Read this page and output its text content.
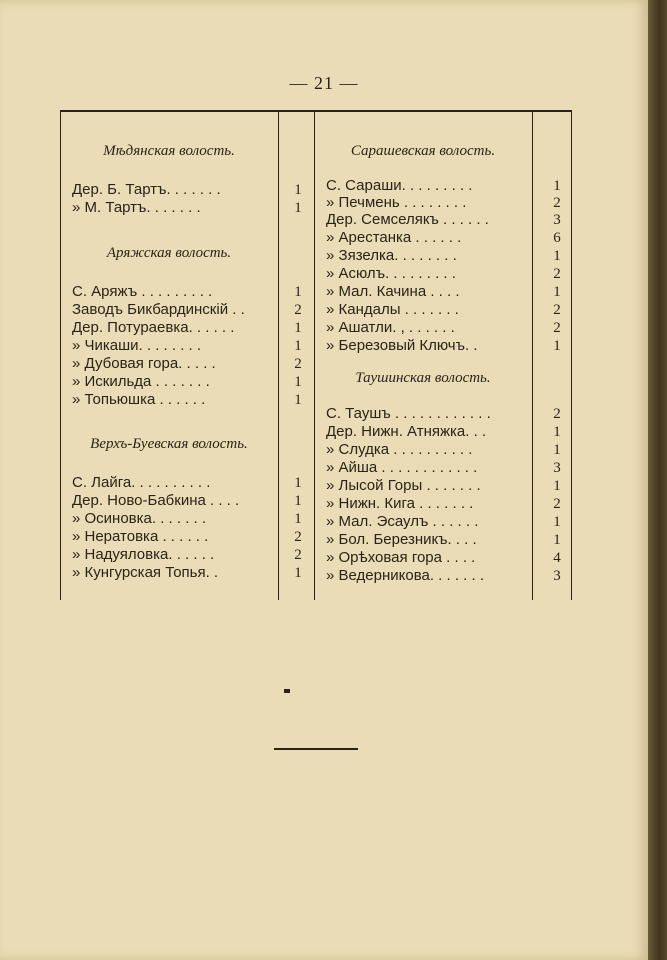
— 21 —
Мѣдянская волость.
Дер. Б. Тартъ. . . . . . .	1
» М. Тартъ. . . . . . .	1
Аряжская волость.
С. Аряжъ . . . . . . . . .	1
Заводъ Бикбардинскій . .	2
Дер. Потураевка. . . . . .	1
» Чикаши. . . . . . . .	1
» Дубовая гора. . . . .	2
» Искильда . . . . . . .	1
» Топьюшка . . . . . .	1
Верхъ-Буевская волость.
С. Лайга. . . . . . . . . .	1
Дер. Ново-Бабкина . . . .	1
» Осиновка. . . . . . .	1
» Нератовка . . . . . .	2
» Надуяловка. . . . . .	2
» Кунгурская Топья. .	1
Сарашевская волость.
С. Сараши. . . . . . . . .	1
» Печмень . . . . . . . .	2
Дер. Семселякъ . . . . . .	3
» Арестанка . . . . . .	6
» Зязелка. . . . . . . .	1
» Асюлъ. . . . . . . . .	2
» Мал. Качина . . . .	1
» Кандалы . . . . . . .	2
» Ашатли. , . . . . . .	2
» Березовый Ключъ. .	1
Таушинская волость.
С. Таушъ . . . . . . . . . . . .	2
Дер. Нижн. Атняжка. . .	1
» Слудка . . . . . . . . . .	1
» Айша . . . . . . . . . . . .	3
» Лысой Горы . . . . . . .	1
» Нижн. Кига . . . . . . .	2
» Мал. Эсаулъ . . . . . .	1
» Бол. Березникъ. . . .	1
» Орѣховая гора . . . .	4
» Ведерникова. . . . . . .	3
